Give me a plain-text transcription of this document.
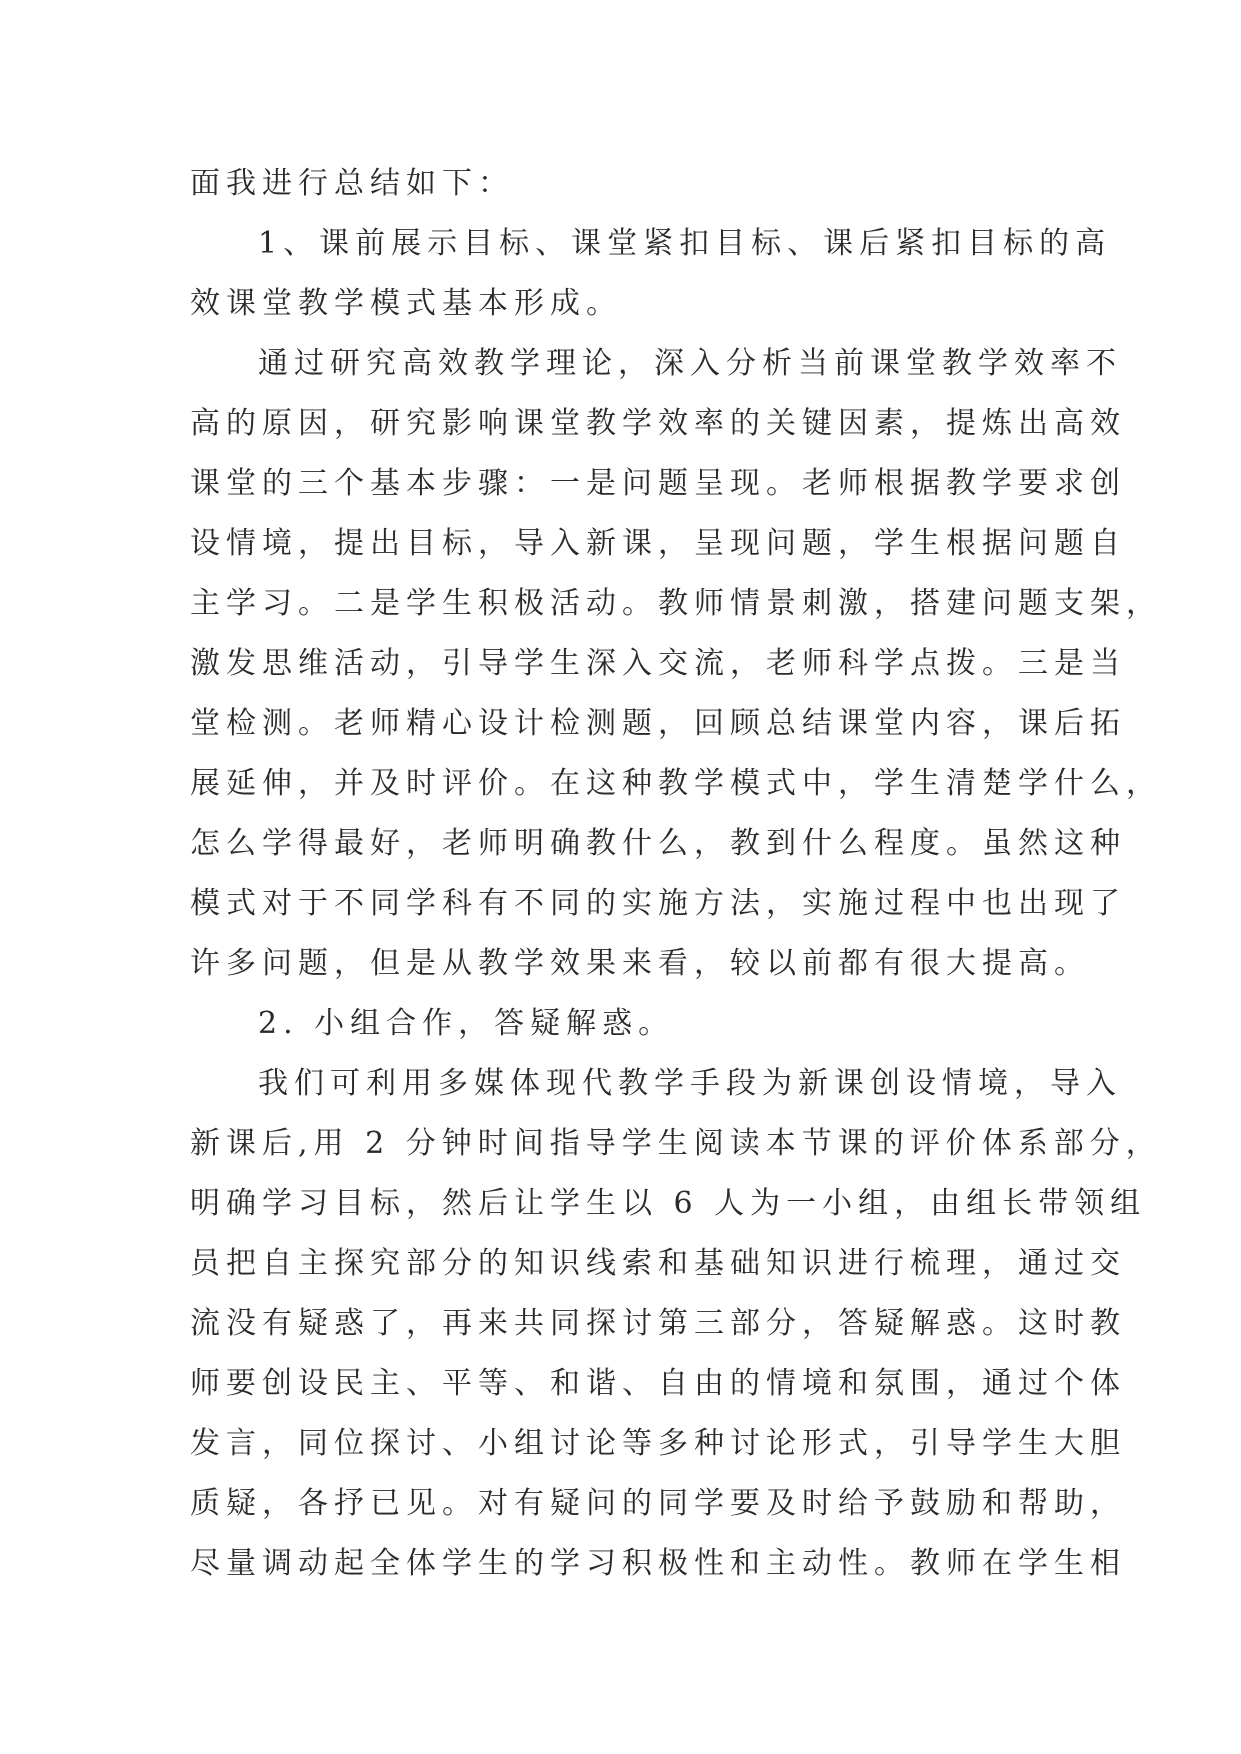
面我进行总结如下：
1、课前展示目标、课堂紧扣目标、课后紧扣目标的高
效课堂教学模式基本形成。
通过研究高效教学理论，深入分析当前课堂教学效率不
高的原因，研究影响课堂教学效率的关键因素，提炼出高效
课堂的三个基本步骤：一是问题呈现。老师根据教学要求创
设情境，提出目标，导入新课，呈现问题，学生根据问题自
主学习。二是学生积极活动。教师情景刺激，搭建问题支架，
激发思维活动，引导学生深入交流，老师科学点拨。三是当
堂检测。老师精心设计检测题，回顾总结课堂内容，课后拓
展延伸，并及时评价。在这种教学模式中，学生清楚学什么，
怎么学得最好，老师明确教什么，教到什么程度。虽然这种
模式对于不同学科有不同的实施方法，实施过程中也出现了
许多问题，但是从教学效果来看，较以前都有很大提高。
2. 小组合作，答疑解惑。
我们可利用多媒体现代教学手段为新课创设情境，导入
新课后,用 2 分钟时间指导学生阅读本节课的评价体系部分，
明确学习目标，然后让学生以 6 人为一小组，由组长带领组
员把自主探究部分的知识线索和基础知识进行梳理，通过交
流没有疑惑了，再来共同探讨第三部分，答疑解惑。这时教
师要创设民主、平等、和谐、自由的情境和氛围，通过个体
发言，同位探讨、小组讨论等多种讨论形式，引导学生大胆
质疑，各抒已见。对有疑问的同学要及时给予鼓励和帮助，
尽量调动起全体学生的学习积极性和主动性。教师在学生相
